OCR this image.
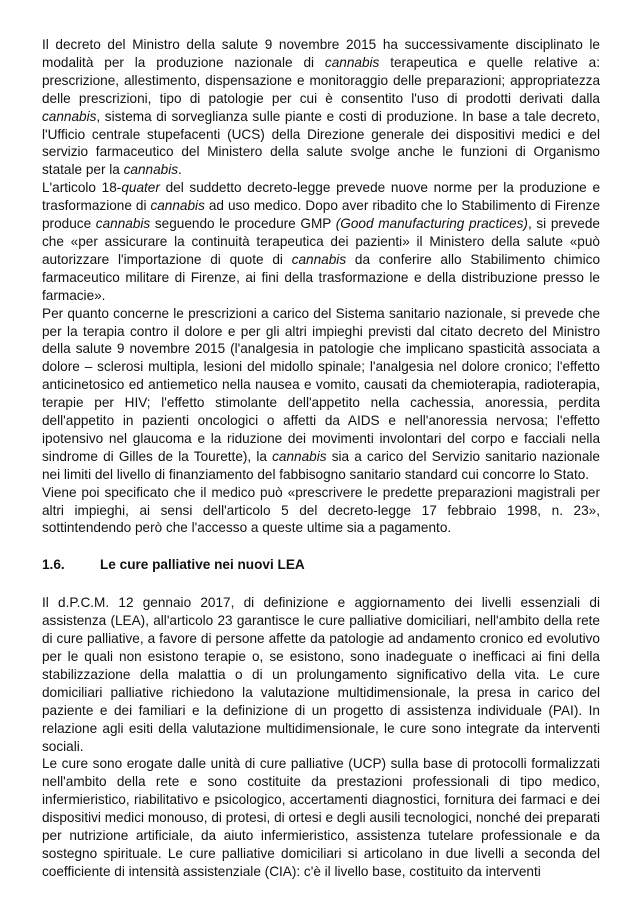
Il decreto del Ministro della salute 9 novembre 2015 ha successivamente disciplinato le modalità per la produzione nazionale di cannabis terapeutica e quelle relative a: prescrizione, allestimento, dispensazione e monitoraggio delle preparazioni; appropriatezza delle prescrizioni, tipo di patologie per cui è consentito l'uso di prodotti derivati dalla cannabis, sistema di sorveglianza sulle piante e costi di produzione. In base a tale decreto, l'Ufficio centrale stupefacenti (UCS) della Direzione generale dei dispositivi medici e del servizio farmaceutico del Ministero della salute svolge anche le funzioni di Organismo statale per la cannabis.

L'articolo 18-quater del suddetto decreto-legge prevede nuove norme per la produzione e trasformazione di cannabis ad uso medico. Dopo aver ribadito che lo Stabilimento di Firenze produce cannabis seguendo le procedure GMP (Good manufacturing practices), si prevede che «per assicurare la continuità terapeutica dei pazienti» il Ministero della salute «può autorizzare l'importazione di quote di cannabis da conferire allo Stabilimento chimico farmaceutico militare di Firenze, ai fini della trasformazione e della distribuzione presso le farmacie».

Per quanto concerne le prescrizioni a carico del Sistema sanitario nazionale, si prevede che per la terapia contro il dolore e per gli altri impieghi previsti dal citato decreto del Ministro della salute 9 novembre 2015 (l'analgesia in patologie che implicano spasticità associata a dolore – sclerosi multipla, lesioni del midollo spinale; l'analgesia nel dolore cronico; l'effetto anticinetosico ed antiemetico nella nausea e vomito, causati da chemioterapia, radioterapia, terapie per HIV; l'effetto stimolante dell'appetito nella cachessia, anoressia, perdita dell'appetito in pazienti oncologici o affetti da AIDS e nell'anoressia nervosa; l'effetto ipotensivo nel glaucoma e la riduzione dei movimenti involontari del corpo e facciali nella sindrome di Gilles de la Tourette), la cannabis sia a carico del Servizio sanitario nazionale nei limiti del livello di finanziamento del fabbisogno sanitario standard cui concorre lo Stato.

Viene poi specificato che il medico può «prescrivere le predette preparazioni magistrali per altri impieghi, ai sensi dell'articolo 5 del decreto-legge 17 febbraio 1998, n. 23», sottintendendo però che l'accesso a queste ultime sia a pagamento.

1.6.	Le cure palliative nei nuovi LEA

Il d.P.C.M. 12 gennaio 2017, di definizione e aggiornamento dei livelli essenziali di assistenza (LEA), all'articolo 23 garantisce le cure palliative domiciliari, nell'ambito della rete di cure palliative, a favore di persone affette da patologie ad andamento cronico ed evolutivo per le quali non esistono terapie o, se esistono, sono inadeguate o inefficaci ai fini della stabilizzazione della malattia o di un prolungamento significativo della vita. Le cure domiciliari palliative richiedono la valutazione multidimensionale, la presa in carico del paziente e dei familiari e la definizione di un progetto di assistenza individuale (PAI). In relazione agli esiti della valutazione multidimensionale, le cure sono integrate da interventi sociali.

Le cure sono erogate dalle unità di cure palliative (UCP) sulla base di protocolli formalizzati nell'ambito della rete e sono costituite da prestazioni professionali di tipo medico, infermieristico, riabilitativo e psicologico, accertamenti diagnostici, fornitura dei farmaci e dei dispositivi medici monouso, di protesi, di ortesi e degli ausili tecnologici, nonché dei preparati per nutrizione artificiale, da aiuto infermieristico, assistenza tutelare professionale e da sostegno spirituale. Le cure palliative domiciliari si articolano in due livelli a seconda del coefficiente di intensità assistenziale (CIA): c'è il livello base, costituito da interventi
